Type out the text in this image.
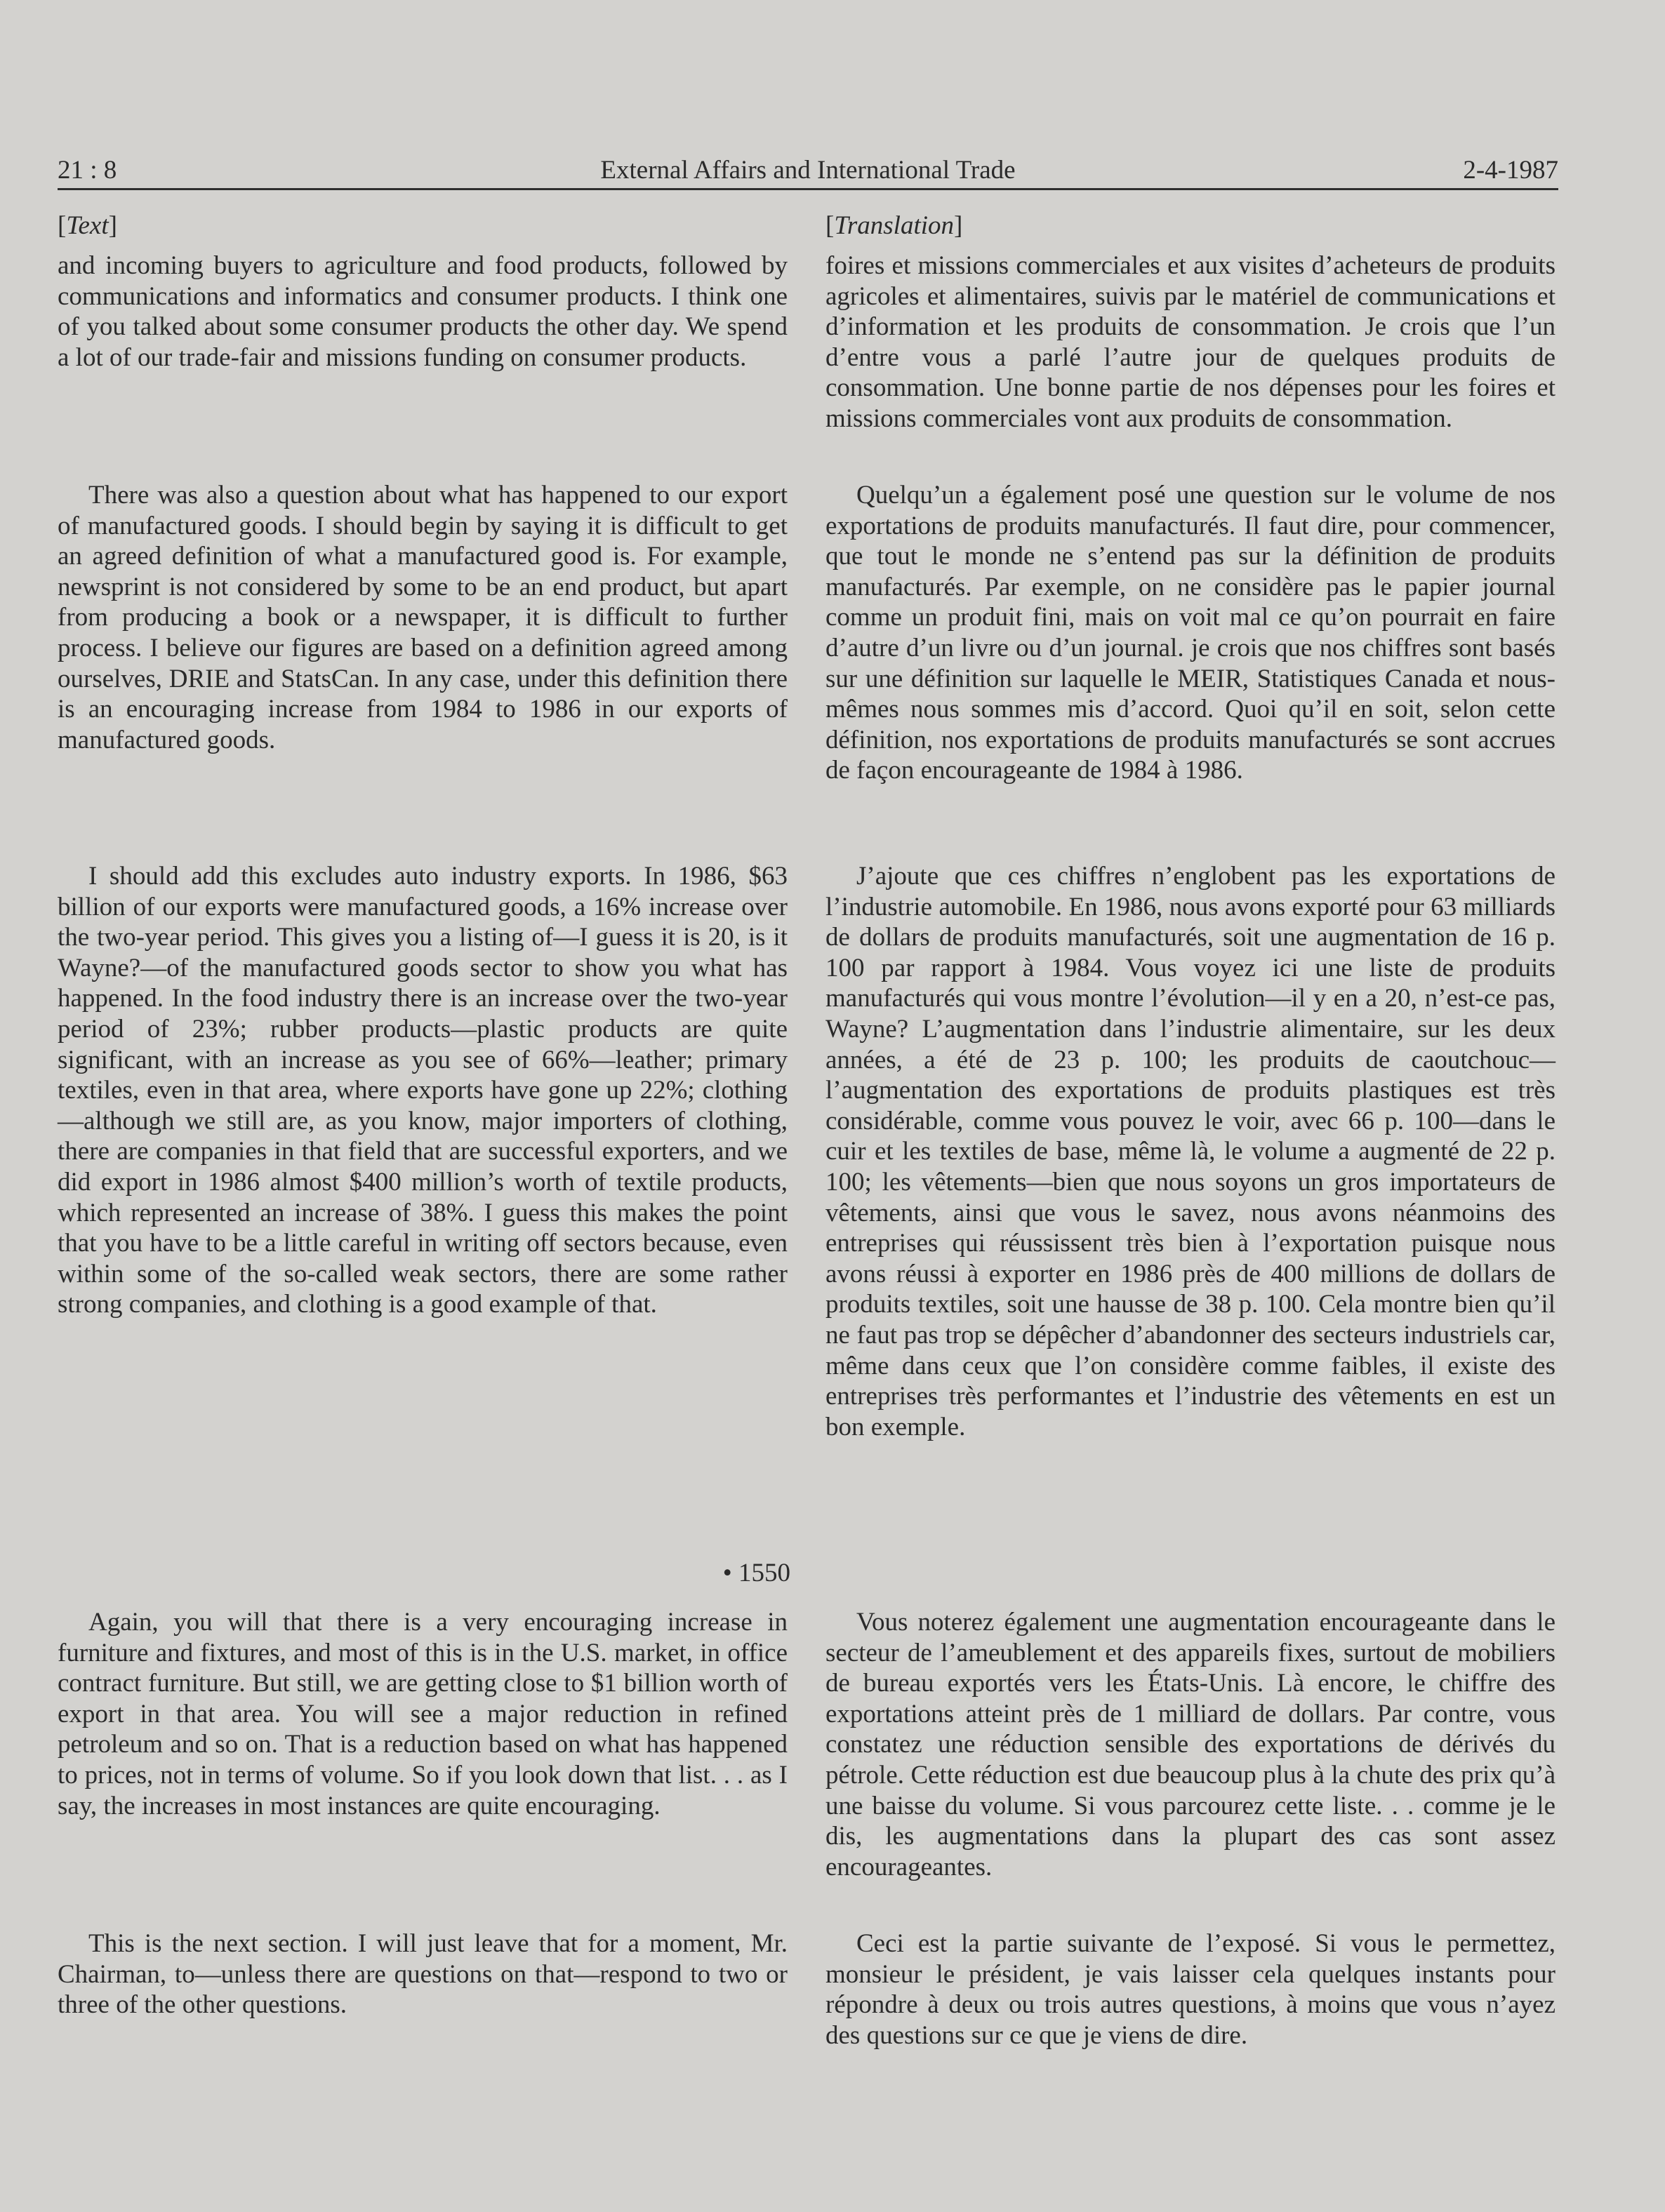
21 : 8	External Affairs and International Trade	2-4-1987
[Text]

and incoming buyers to agriculture and food products, followed by communications and informatics and consumer products. I think one of you talked about some consumer products the other day. We spend a lot of our trade-fair and missions funding on consumer products.

There was also a question about what has happened to our export of manufactured goods. I should begin by saying it is difficult to get an agreed definition of what a manufactured good is. For example, newsprint is not considered by some to be an end product, but apart from producing a book or a newspaper, it is difficult to further process. I believe our figures are based on a definition agreed among ourselves, DRIE and StatsCan. In any case, under this definition there is an encouraging increase from 1984 to 1986 in our exports of manufactured goods.

I should add this excludes auto industry exports. In 1986, $63 billion of our exports were manufactured goods, a 16% increase over the two-year period. This gives you a listing of—I guess it is 20, is it Wayne?—of the manufactured goods sector to show you what has happened. In the food industry there is an increase over the two-year period of 23%; rubber products—plastic products are quite significant, with an increase as you see of 66%—leather; primary textiles, even in that area, where exports have gone up 22%; clothing—although we still are, as you know, major importers of clothing, there are companies in that field that are successful exporters, and we did export in 1986 almost $400 million’s worth of textile products, which represented an increase of 38%. I guess this makes the point that you have to be a little careful in writing off sectors because, even within some of the so-called weak sectors, there are some rather strong companies, and clothing is a good example of that.

• 1550

Again, you will that there is a very encouraging increase in furniture and fixtures, and most of this is in the U.S. market, in office contract furniture. But still, we are getting close to $1 billion worth of export in that area. You will see a major reduction in refined petroleum and so on. That is a reduction based on what has happened to prices, not in terms of volume. So if you look down that list. . . as I say, the increases in most instances are quite encouraging.

This is the next section. I will just leave that for a moment, Mr. Chairman, to—unless there are questions on that—respond to two or three of the other questions.

[Translation]

foires et missions commerciales et aux visites d’acheteurs de produits agricoles et alimentaires, suivis par le matériel de communications et d’information et les produits de consommation. Je crois que l’un d’entre vous a parlé l’autre jour de quelques produits de consommation. Une bonne partie de nos dépenses pour les foires et missions commerciales vont aux produits de consommation.

Quelqu’un a également posé une question sur le volume de nos exportations de produits manufacturés. Il faut dire, pour commencer, que tout le monde ne s’entend pas sur la définition de produits manufacturés. Par exemple, on ne considère pas le papier journal comme un produit fini, mais on voit mal ce qu’on pourrait en faire d’autre d’un livre ou d’un journal. je crois que nos chiffres sont basés sur une définition sur laquelle le MEIR, Statistiques Canada et nous-mêmes nous sommes mis d’accord. Quoi qu’il en soit, selon cette définition, nos exportations de produits manufacturés se sont accrues de façon encourageante de 1984 à 1986.

J’ajoute que ces chiffres n’englobent pas les exportations de l’industrie automobile. En 1986, nous avons exporté pour 63 milliards de dollars de produits manufacturés, soit une augmentation de 16 p. 100 par rapport à 1984. Vous voyez ici une liste de produits manufacturés qui vous montre l’évolution—il y en a 20, n’est-ce pas, Wayne? L’augmentation dans l’industrie alimentaire, sur les deux années, a été de 23 p. 100; les produits de caoutchouc—l’augmentation des exportations de produits plastiques est très considérable, comme vous pouvez le voir, avec 66 p. 100—dans le cuir et les textiles de base, même là, le volume a augmenté de 22 p. 100; les vêtements—bien que nous soyons un gros importateurs de vêtements, ainsi que vous le savez, nous avons néanmoins des entreprises qui réussissent très bien à l’exportation puisque nous avons réussi à exporter en 1986 près de 400 millions de dollars de produits textiles, soit une hausse de 38 p. 100. Cela montre bien qu’il ne faut pas trop se dépêcher d’abandonner des secteurs industriels car, même dans ceux que l’on considère comme faibles, il existe des entreprises très performantes et l’industrie des vêtements en est un bon exemple.

Vous noterez également une augmentation encourageante dans le secteur de l’ameublement et des appareils fixes, surtout de mobiliers de bureau exportés vers les États-Unis. Là encore, le chiffre des exportations atteint près de 1 milliard de dollars. Par contre, vous constatez une réduction sensible des exportations de dérivés du pétrole. Cette réduction est due beaucoup plus à la chute des prix qu’à une baisse du volume. Si vous parcourez cette liste. . . comme je le dis, les augmentations dans la plupart des cas sont assez encourageantes.

Ceci est la partie suivante de l’exposé. Si vous le permettez, monsieur le président, je vais laisser cela quelques instants pour répondre à deux ou trois autres questions, à moins que vous n’ayez des questions sur ce que je viens de dire.
